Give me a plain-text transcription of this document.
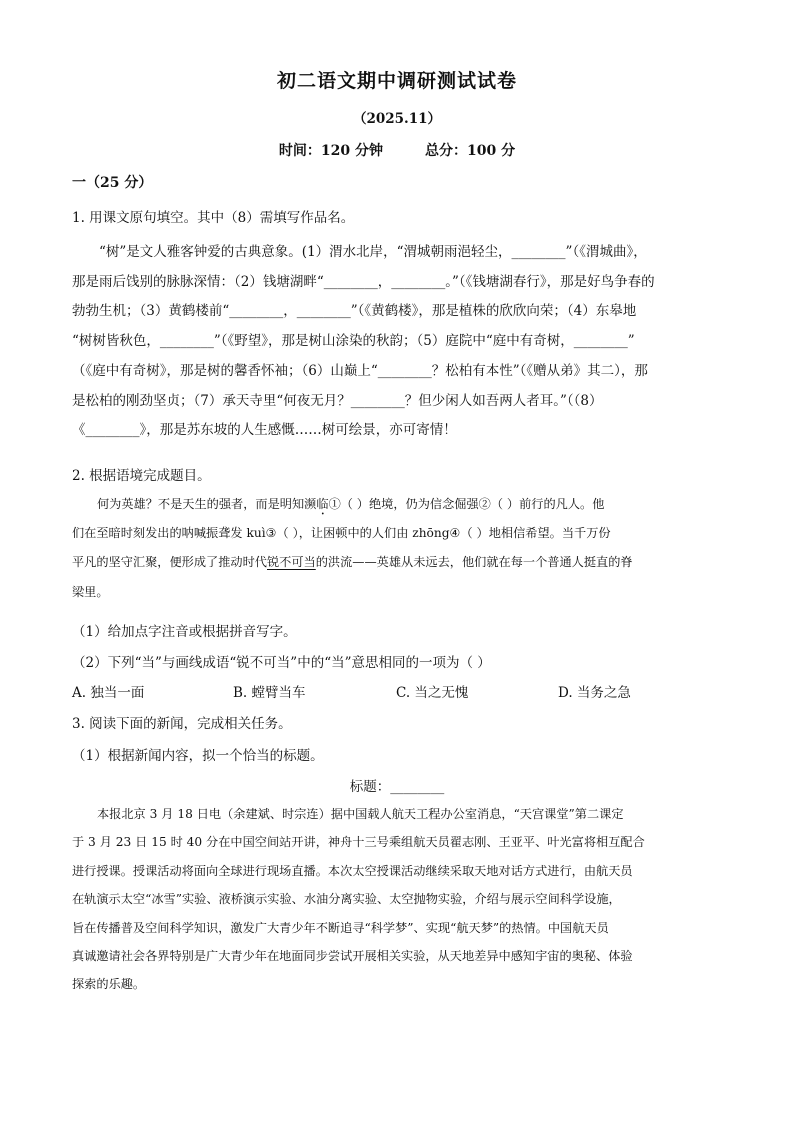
初二语文期中调研测试试卷
（2025.11）
时间：120 分钟	总分：100 分
一（25 分）
1. 用课文原句填空。其中（8）需填写作品名。

“树”是文人雅客钟爱的古典意象。(1）渭水北岸，“渭城朝雨浥轻尘，________”（《渭城曲》，

那是雨后饯别的脉脉深情：（2）钱塘湖畔“________，________。”（《钱塘湖春行》，那是好鸟争春的

勃勃生机；（3）黄鹤楼前“________，________”（《黄鹤楼》，那是植株的欣欣向荣；（4）东皋地

“树树皆秋色，________”（《野望》，那是树山涂染的秋韵；（5）庭院中“庭中有奇树，________”

（《庭中有奇树》，那是树的馨香怀袖；（6）山巅上“________？松柏有本性”（《赠从弟》其二），那

是松柏的刚劲坚贞；（7）承天寺里“何夜无月？________？但少闲人如吾两人者耳。”（（8）

《________》，那是苏东坡的人生感慨……树可绘景，亦可寄情！

2. 根据语境完成题目。

何为英雄？不是天生的强者，而是明知濒临①（ ）绝境，仍为信念倔强②（ ）前行的凡人。他

们在至暗时刻发出的呐喊振聋发 kuì③（ ），让困顿中的人们由 zhōng④（ ）地相信希望。当千万份

平凡的坚守汇聚，便形成了推动时代锐不可当的洪流——英雄从未远去，他们就在每一个普通人挺直的脊

梁里。

（1）给加点字注音或根据拼音写字。
（2）下列“当”与画线成语“锐不可当”中的“当”意思相同的一项为（ ）
A. 独当一面	B. 螳臂当车	C. 当之无愧	D. 当务之急
3. 阅读下面的新闻，完成相关任务。
（1）根据新闻内容，拟一个恰当的标题。
标题：________

本报北京 3 月 18 日电（余建斌、时宗连）据中国载人航天工程办公室消息，“天宫课堂”第二课定

于 3 月 23 日 15 时 40 分在中国空间站开讲，神舟十三号乘组航天员翟志刚、王亚平、叶光富将相互配合

进行授课。授课活动将面向全球进行现场直播。本次太空授课活动继续采取天地对话方式进行，由航天员

在轨演示太空“冰雪”实验、液桥演示实验、水油分离实验、太空抛物实验，介绍与展示空间科学设施，

旨在传播普及空间科学知识，激发广大青少年不断追寻“科学梦”、实现“航天梦”的热情。中国航天员

真诚邀请社会各界特别是广大青少年在地面同步尝试开展相关实验，从天地差异中感知宇宙的奥秘、体验

探索的乐趣。
